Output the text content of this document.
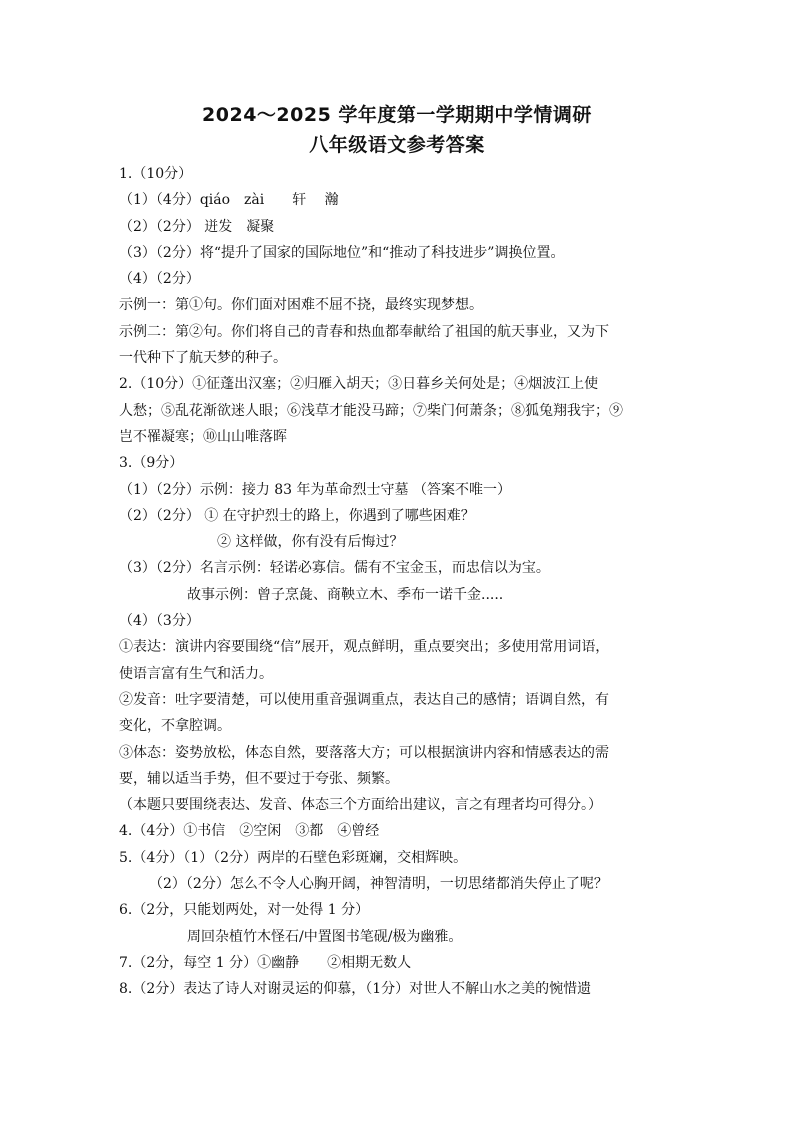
2024～2025 学年度第一学期期中学情调研
八年级语文参考答案
1.（10分）
（1）（4分）qiáo　zài　　轩　 瀚
（2）（2分） 迸发　凝聚
（3）（2分）将“提升了国家的国际地位”和“推动了科技进步”调换位置。
（4）（2分）
示例一：第①句。你们面对困难不屈不挠，最终实现梦想。
示例二：第②句。你们将自己的青春和热血都奉献给了祖国的航天事业，又为下
一代种下了航天梦的种子。
2.（10分）①征蓬出汉塞；②归雁入胡天；③日暮乡关何处是；④烟波江上使
人愁；⑤乱花渐欲迷人眼；⑥浅草才能没马蹄；⑦柴门何萧条；⑧狐兔翔我宇；⑨
岂不罹凝寒；⑩山山唯落晖
3.（9分）
（1）（2分）示例：接力 83 年为革命烈士守墓 （答案不唯一）
（2）（2分） ① 在守护烈士的路上，你遇到了哪些困难？
② 这样做，你有没有后悔过？
（3）（2分）名言示例：轻诺必寡信。儒有不宝金玉，而忠信以为宝。
故事示例：曾子烹彘、商鞅立木、季布一诺千金.....
（4）（3分）
①表达：演讲内容要围绕“信”展开，观点鲜明，重点要突出；多使用常用词语，
使语言富有生气和活力。
②发音：吐字要清楚，可以使用重音强调重点，表达自己的感情；语调自然，有
变化，不拿腔调。
③体态：姿势放松，体态自然，要落落大方；可以根据演讲内容和情感表达的需
要，辅以适当手势，但不要过于夸张、频繁。
（本题只要围绕表达、发音、体态三个方面给出建议，言之有理者均可得分。）
4.（4分）①书信　②空闲　③都　④曾经
5.（4分）（1）（2分）两岸的石壁色彩斑斓，交相辉映。
（2）（2分）怎么不令人心胸开阔，神智清明，一切思绪都消失停止了呢？
6.（2分，只能划两处，对一处得 1 分）
周回杂植竹木怪石/中置图书笔砚/极为幽雅。
7.（2分，每空 1 分）①幽静　　②相期无数人
8.（2分）表达了诗人对谢灵运的仰慕，（1分）对世人不解山水之美的惋惜遗
